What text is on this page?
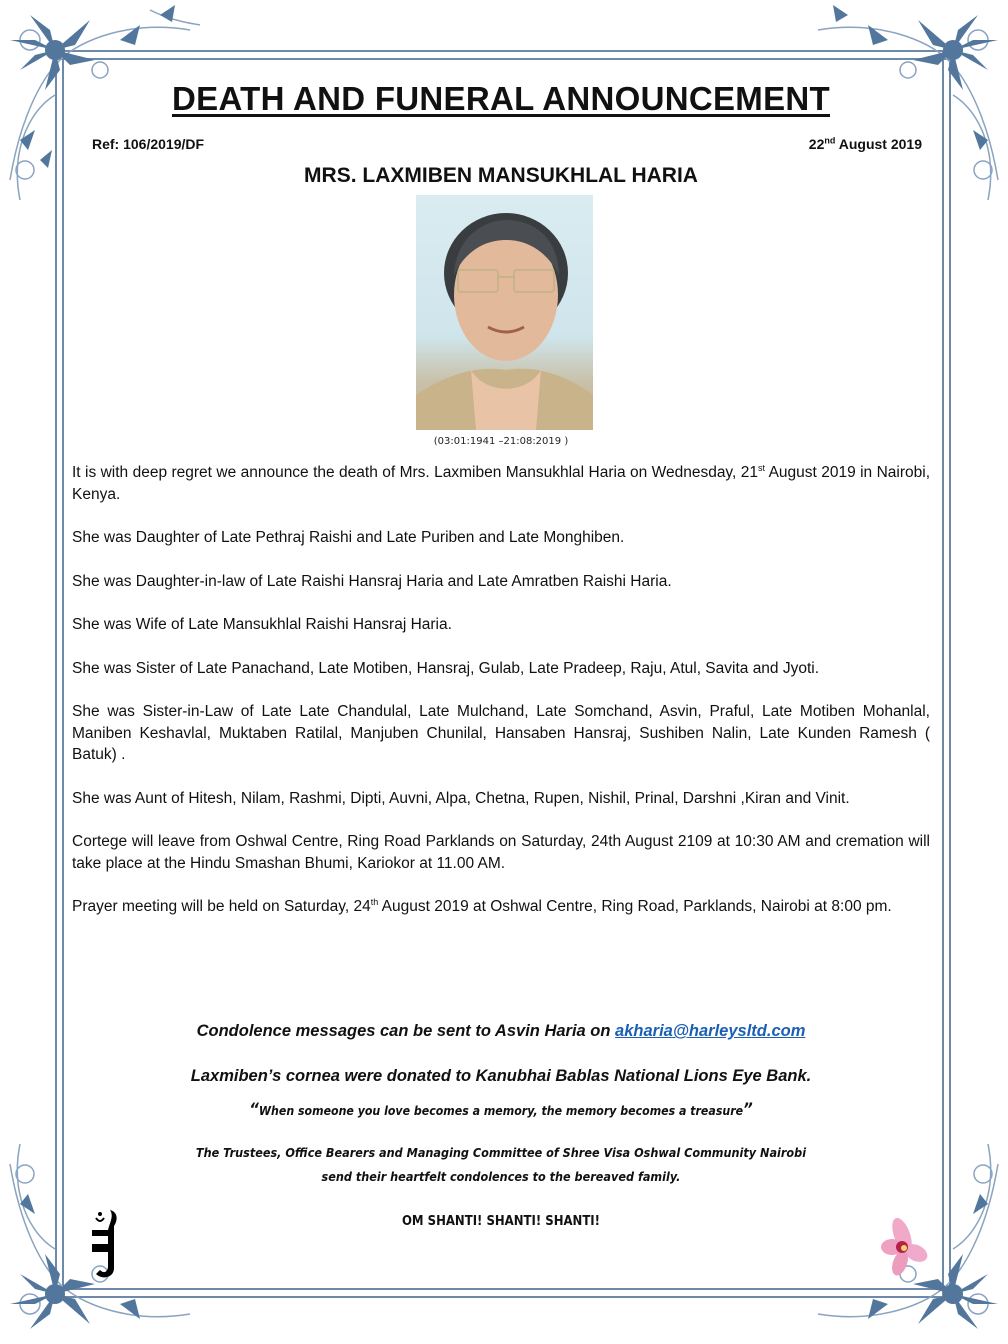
DEATH AND FUNERAL ANNOUNCEMENT
Ref: 106/2019/DF	22nd August 2019
MRS. LAXMIBEN MANSUKHLAL HARIA
(03:01:1941 –21:08:2019 )

It is with deep regret we announce the death of Mrs. Laxmiben Mansukhlal Haria on Wednesday, 21st August 2019 in Nairobi, Kenya.

She was Daughter of Late Pethraj Raishi and Late Puriben and Late Monghiben.

She was Daughter-in-law of Late Raishi Hansraj Haria and Late Amratben Raishi Haria.

She was Wife of Late Mansukhlal Raishi Hansraj Haria.

She was Sister of Late Panachand, Late Motiben, Hansraj, Gulab, Late Pradeep, Raju, Atul, Savita and Jyoti.

She was Sister-in-Law of Late Late Chandulal, Late Mulchand, Late Somchand, Asvin, Praful, Late Motiben Mohanlal, Maniben Keshavlal, Muktaben Ratilal, Manjuben Chunilal, Hansaben Hansraj, Sushiben Nalin, Late Kunden Ramesh ( Batuk) .

She was Aunt of Hitesh, Nilam, Rashmi, Dipti, Auvni, Alpa, Chetna, Rupen, Nishil, Prinal, Darshni ,Kiran and Vinit.

Cortege will leave from Oshwal Centre, Ring Road Parklands on Saturday, 24th August 2109 at 10:30 AM and cremation will take place at the Hindu Smashan Bhumi, Kariokor at 11.00 AM.

Prayer meeting will be held on Saturday, 24th August 2019 at Oshwal Centre, Ring Road, Parklands, Nairobi at 8:00 pm.

Condolence messages can be sent to Asvin Haria on akharia@harleysltd.com
Laxmiben’s cornea were donated to Kanubhai Bablas National Lions Eye Bank.
“When someone you love becomes a memory, the memory becomes a treasure”
The Trustees, Office Bearers and Managing Committee of Shree Visa Oshwal Community Nairobi
send their heartfelt condolences to the bereaved family.
OM SHANTI! SHANTI! SHANTI!
